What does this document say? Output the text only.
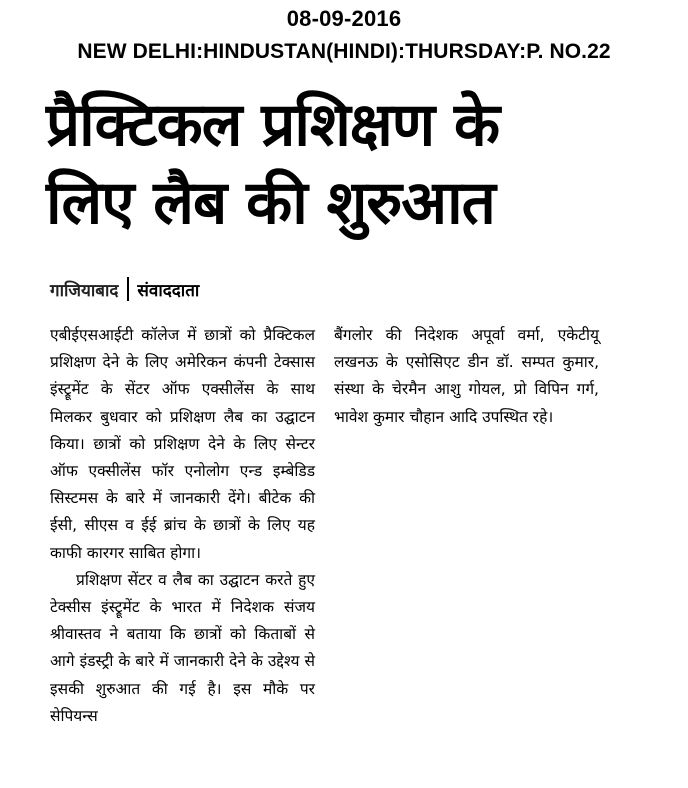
08-09-2016
NEW DELHI:HINDUSTAN(HINDI):THURSDAY:P. NO.22
प्रैक्टिकल प्रशिक्षण के
लिए लैब की शुरुआत
गाजियाबाद संवाददाता

एबीईएसआईटी कॉलेज में छात्रों को प्रैक्टिकल प्रशिक्षण देने के लिए अमेरिकन कंपनी टेक्सास इंस्ट्रूमेंट के सेंटर ऑफ एक्सीलेंस के साथ मिलकर बुधवार को प्रशिक्षण लैब का उद्घाटन किया। छात्रों को प्रशिक्षण देने के लिए सेन्टर ऑफ एक्सीलेंस फॉर एनोलोग एन्ड इम्बेडिड सिस्टमस के बारे में जानकारी देंगे। बीटेक की ईसी, सीएस व ईई ब्रांच के छात्रों के लिए यह काफी कारगर साबित होगा।

प्रशिक्षण सेंटर व लैब का उद्घाटन करते हुए टेक्सीस इंस्ट्रूमेंट के भारत में निदेशक संजय श्रीवास्तव ने बताया कि छात्रों को किताबों से आगे इंडस्ट्री के बारे में जानकारी देने के उद्देश्य से इसकी शुरुआत की गई है। इस मौके पर सेपियन्स

बैंगलोर की निदेशक अपूर्वा वर्मा, एकेटीयू लखनऊ के एसोसिएट डीन डॉ. सम्पत कुमार, संस्था के चेरमैन आशु गोयल, प्रो विपिन गर्ग, भावेश कुमार चौहान आदि उपस्थित रहे।
